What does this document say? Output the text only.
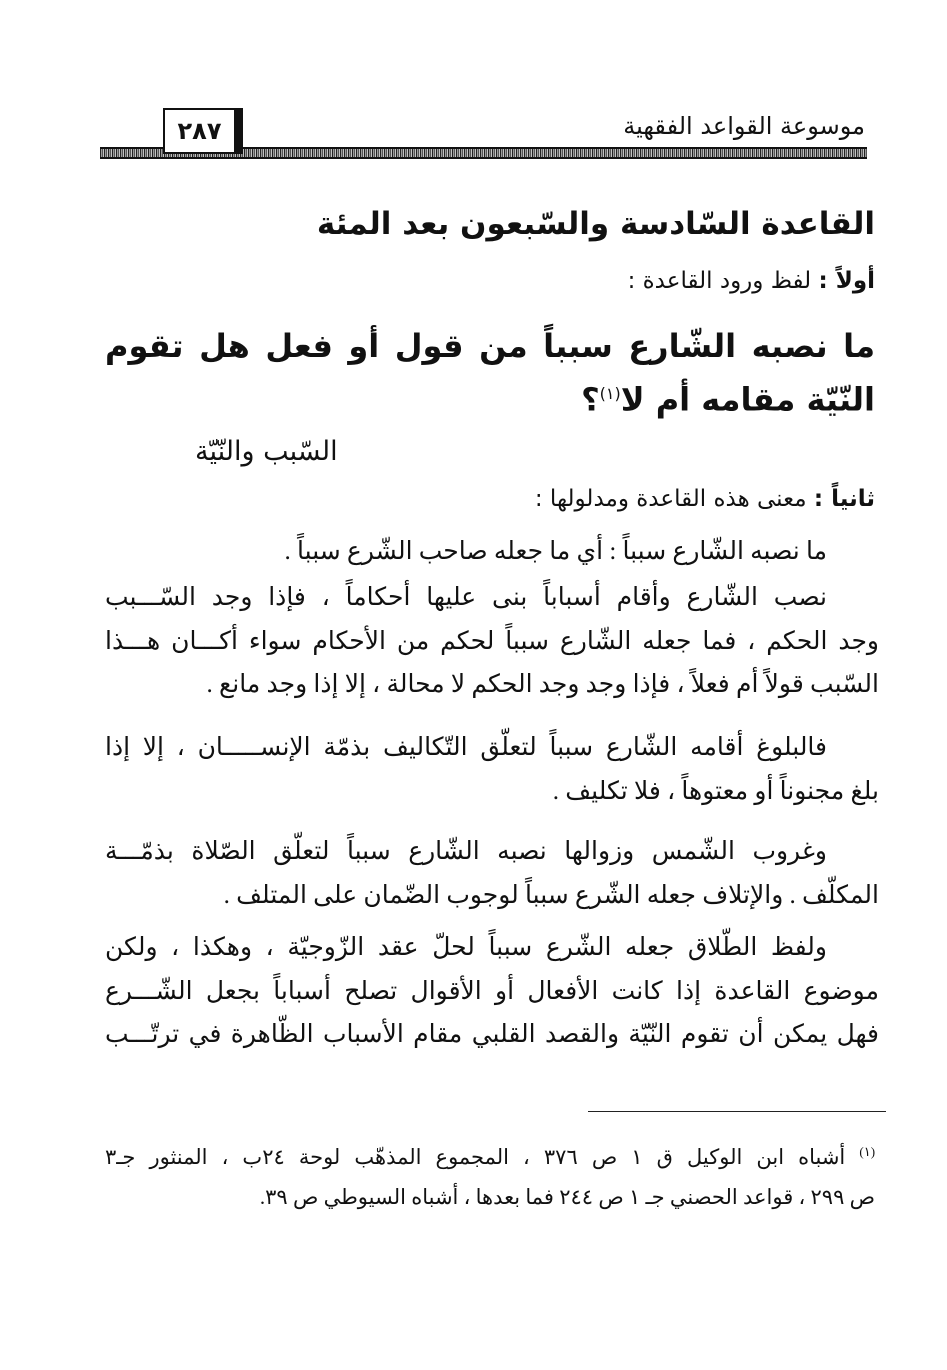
موسوعة القواعد الفقهية
٢٨٧
القاعدة السّادسة والسّبعون بعد المئة
أولاً : لفظ ورود القاعدة :
ما نصبه الشّارع سبباً من قول أو فعل هل تقوم
النّيّة مقامه أم لا$^{(١)}$؟
السّبب والنّيّة
ثانياً : معنى هذه القاعدة ومدلولها :
ما نصبه الشّارع سبباً : أي ما جعله صاحب الشّرع سبباً .
نصب الشّارع وأقام أسباباً بنى عليها أحكاماً ، فإذا وجد السّـــبب
وجد الحكم ، فما جعله الشّارع سبباً لحكم من الأحكام سواء أكـــان هـــذا
السّبب قولاً أم فعلاً ، فإذا وجد وجد الحكم لا محالة ، إلا إذا وجد مانع .
فالبلوغ أقامه الشّارع سبباً لتعلّق التّكاليف بذمّة الإنســـــان ، إلا إذا
بلغ مجنوناً أو معتوهاً ، فلا تكليف .
وغروب الشّمس وزوالها نصبه الشّارع سبباً لتعلّق الصّلاة بذمّـــة
المكلّف . والإتلاف جعله الشّرع سبباً لوجوب الضّمان على المتلف .
ولفظ الطّلاق جعله الشّرع سبباً لحلّ عقد الزّوجيّة ، وهكذا ، ولكن
موضوع القاعدة إذا كانت الأفعال أو الأقوال تصلح أسباباً بجعل الشّـــرع
فهل يمكن أن تقوم النّيّة والقصد القلبي مقام الأسباب الظّاهرة في ترتّـــب
$^{(١)}$ أشباه ابن الوكيل ق ١ ص ٣٧٦ ، المجموع المذهّب لوحة ٢٤ب ، المنثور جـ٣
ص ٢٩٩ ، قواعد الحصني جـ ١ ص ٢٤٤ فما بعدها ، أشباه السيوطي ص ٣٩.
